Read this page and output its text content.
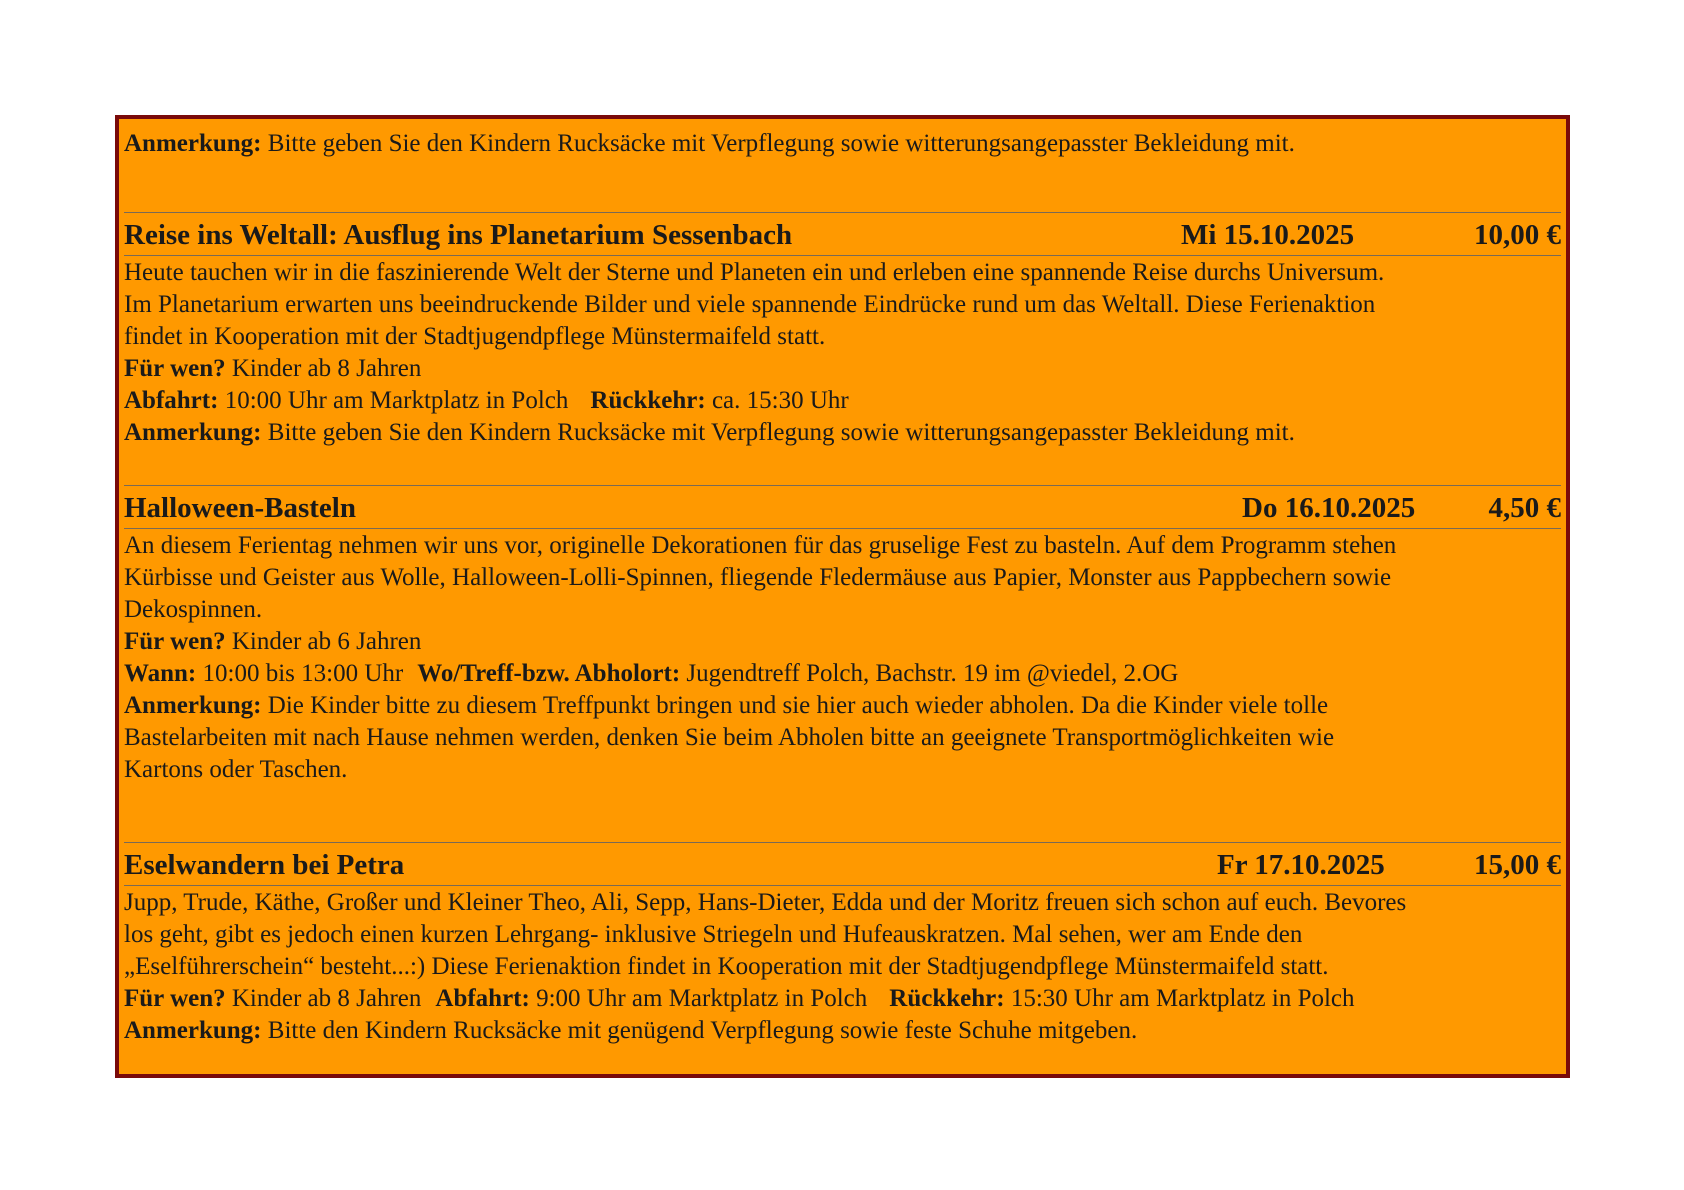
Anmerkung: Bitte geben Sie den Kindern Rucksäcke mit Verpflegung sowie witterungsangepasster Bekleidung mit.
Reise ins Weltall: Ausflug ins Planetarium Sessenbach	Mi 15.10.2025	10,00 €
Heute tauchen wir in die faszinierende Welt der Sterne und Planeten ein und erleben eine spannende Reise durchs Universum.
Im Planetarium erwarten uns beeindruckende Bilder und viele spannende Eindrücke rund um das Weltall. Diese Ferienaktion
findet in Kooperation mit der Stadtjugendpflege Münstermaifeld statt.
Für wen? Kinder ab 8 Jahren
Abfahrt: 10:00 Uhr am Marktplatz in Polch Rückkehr: ca. 15:30 Uhr
Anmerkung: Bitte geben Sie den Kindern Rucksäcke mit Verpflegung sowie witterungsangepasster Bekleidung mit.
Halloween-Basteln	Do 16.10.2025	4,50 €
An diesem Ferientag nehmen wir uns vor, originelle Dekorationen für das gruselige Fest zu basteln. Auf dem Programm stehen
Kürbisse und Geister aus Wolle, Halloween-Lolli-Spinnen, fliegende Fledermäuse aus Papier, Monster aus Pappbechern sowie
Dekospinnen.
Für wen? Kinder ab 6 Jahren
Wann: 10:00 bis 13:00 Uhr Wo/Treff-bzw. Abholort: Jugendtreff Polch, Bachstr. 19 im @viedel, 2.OG
Anmerkung: Die Kinder bitte zu diesem Treffpunkt bringen und sie hier auch wieder abholen. Da die Kinder viele tolle
Bastelarbeiten mit nach Hause nehmen werden, denken Sie beim Abholen bitte an geeignete Transportmöglichkeiten wie
Kartons oder Taschen.
Eselwandern bei Petra	Fr 17.10.2025	15,00 €
Jupp, Trude, Käthe, Großer und Kleiner Theo, Ali, Sepp, Hans-Dieter, Edda und der Moritz freuen sich schon auf euch. Bevores
los geht, gibt es jedoch einen kurzen Lehrgang- inklusive Striegeln und Hufeauskratzen. Mal sehen, wer am Ende den
„Eselführerschein“ besteht...:) Diese Ferienaktion findet in Kooperation mit der Stadtjugendpflege Münstermaifeld statt.
Für wen? Kinder ab 8 Jahren Abfahrt: 9:00 Uhr am Marktplatz in Polch Rückkehr: 15:30 Uhr am Marktplatz in Polch
Anmerkung: Bitte den Kindern Rucksäcke mit genügend Verpflegung sowie feste Schuhe mitgeben.
